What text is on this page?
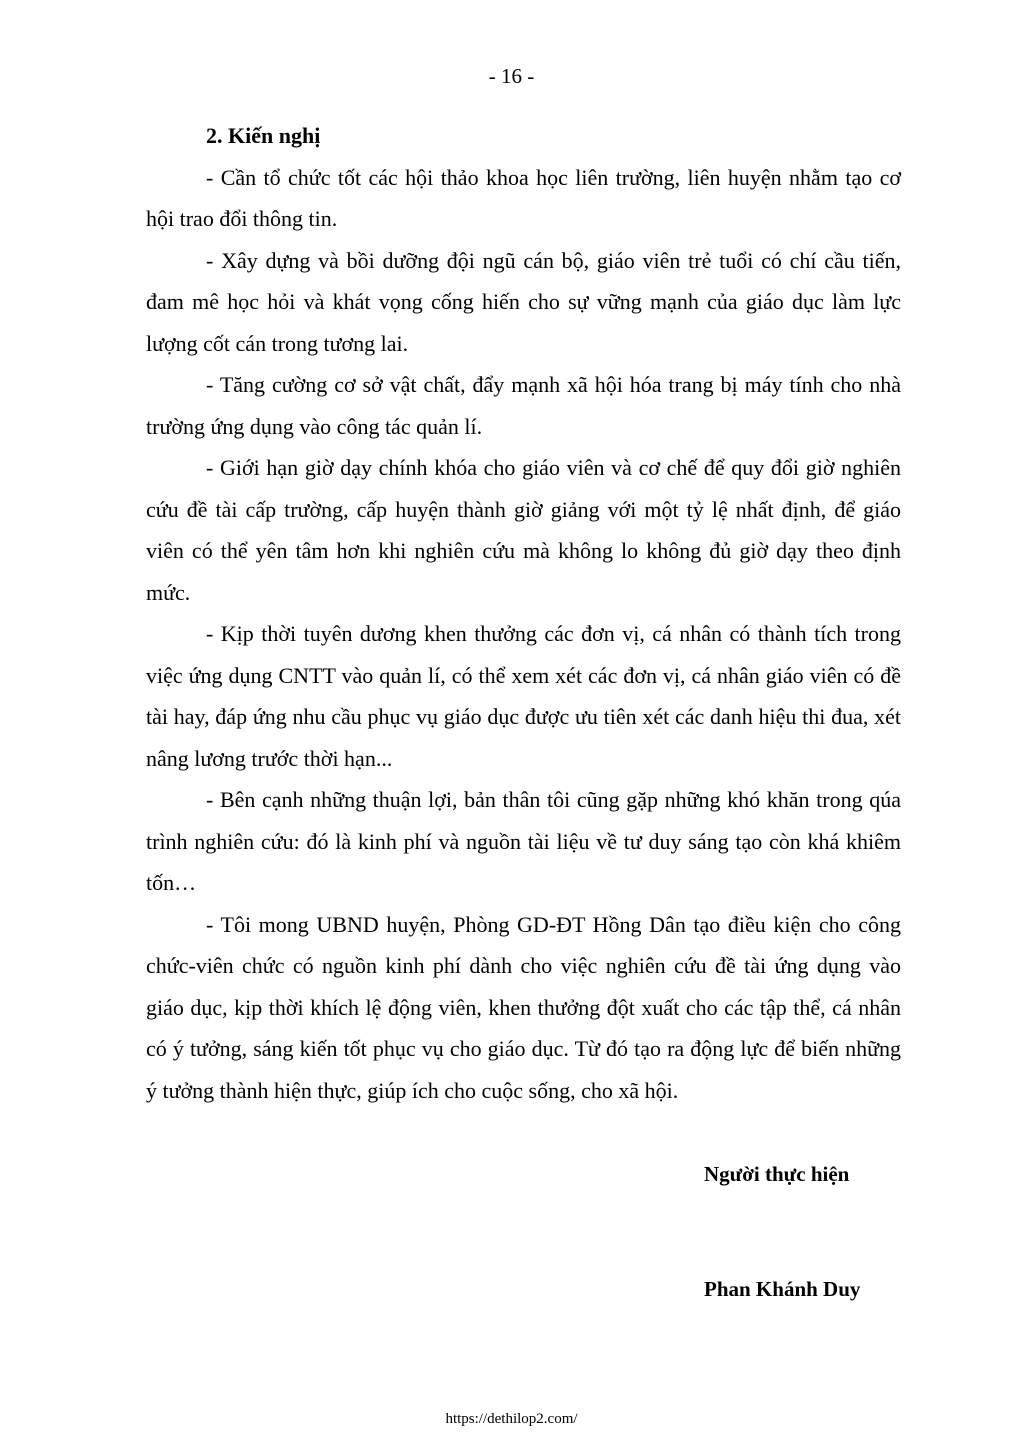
- 16 -
2. Kiến nghị

- Cần tổ chức tốt các hội thảo khoa học liên trường, liên huyện nhằm tạo cơ hội trao đổi thông tin.

- Xây dựng và bồi dưỡng đội ngũ cán bộ, giáo viên trẻ tuổi có chí cầu tiến, đam mê học hỏi và khát vọng cống hiến cho sự vững mạnh của giáo dục làm lực lượng cốt cán trong tương lai.

- Tăng cường cơ sở vật chất, đẩy mạnh xã hội hóa trang bị máy tính cho nhà trường ứng dụng vào công tác quản lí.

- Giới hạn giờ dạy chính khóa cho giáo viên và cơ chế để quy đổi giờ nghiên cứu đề tài cấp trường, cấp huyện thành giờ giảng với một tỷ lệ nhất định, để giáo viên có thể yên tâm hơn khi nghiên cứu mà không lo không đủ giờ dạy theo định mức.

- Kịp thời tuyên dương khen thưởng các đơn vị, cá nhân có thành tích trong việc ứng dụng CNTT vào quản lí, có thể xem xét các đơn vị, cá nhân giáo viên có đề tài hay, đáp ứng nhu cầu phục vụ giáo dục được ưu tiên xét các danh hiệu thi đua, xét nâng lương trước thời hạn...

- Bên cạnh những thuận lợi, bản thân tôi cũng gặp những khó khăn trong qúa trình nghiên cứu: đó là kinh phí và nguồn tài liệu về tư duy sáng tạo còn khá khiêm tốn…

- Tôi mong UBND huyện, Phòng GD-ĐT Hồng Dân tạo điều kiện cho công chức-viên chức có nguồn kinh phí dành cho việc nghiên cứu đề tài ứng dụng vào giáo dục, kịp thời khích lệ động viên, khen thưởng đột xuất cho các tập thể, cá nhân có ý tưởng, sáng kiến tốt phục vụ cho giáo dục. Từ đó tạo ra động lực để biến những ý tưởng thành hiện thực, giúp ích cho cuộc sống, cho xã hội.

Người thực hiện
Phan Khánh Duy
https://dethilop2.com/
